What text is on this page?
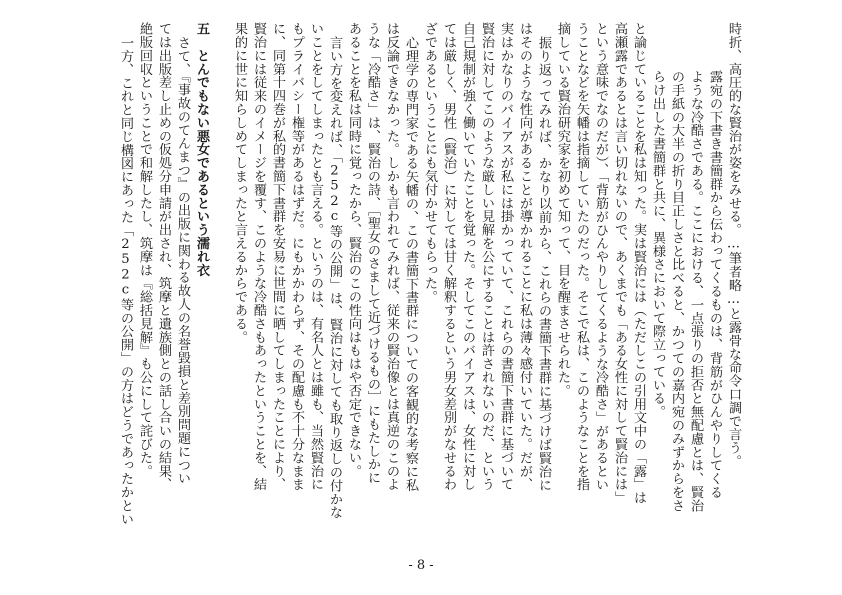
時折、高圧的な賢治が姿をみせる。…筆者略…と露骨な命令口調で言う。
露宛の下書き書簡群から伝わってくるものは、背筋がひんやりしてくる
ような冷酷さである。ここにおける、一点張りの拒否と無配慮とは、賢治
の手紙の大半の折り目正しさと比べると、かつての嘉内宛のみずからをさ
らけ出した書簡群と共に、異様さにおいて際立っている。
と論じていることを私は知った。実は賢治には（ただしこの引用文中の「露」は
高瀬露であるとは言い切れないので、あくまでも「ある女性に対して賢治には」
という意味でなのだが）、「背筋がひんやりしてくるような冷酷さ」があるとい
うことなどを矢幡は指摘していたのだった。そこで私は、このようなことを指
摘している賢治研究家を初めて知って、目を醒まさせられた。
振り返ってみれば、かなり以前から、これらの書簡下書群に基づけば賢治に
はそのような性向があることが導かれることに私は薄々感付いていた。だが、
実はかなりのバイアスが私には掛かっていて、これらの書簡下書群に基づいて
賢治に対してこのような厳しい見解を公にすることは許されないのだ、という
自己規制が強く働いていたことを覚った。そしてこのバイアスは、女性に対し
ては厳しく、男性（賢治）に対しては甘く解釈するという男女差別がなせるわ
ざであるということにも気付かせてもらった。
心理学の専門家である矢幡の、この書簡下書群についての客観的な考察に私
は反論できなかった。しかも言われてみれば、従来の賢治像とは真逆のこのよ
うな「冷酷さ」は、賢治の詩、［聖女のさまして近づけるもの］にもたしかに
あることを私は同時に覚ったから、賢治のこの性向はもはや否定できない。
言い方を変えれば、「252c等の公開」は、賢治に対しても取り返しの付かな
いことをしてしまったとも言える。というのは、有名人とは雖も、当然賢治に
もプライバシー権等があるはずだ。にもかかわらず、その配慮も不十分なまま
に、同第十四巻が私的書簡下書群を安易に世間に晒してしまったことにより、
賢治には従来のイメージを覆す、このような冷酷さもあったということを、結
果的に世に知らしめてしまったと言えるからである。
五　とんでもない悪女であるという濡れ衣
さて、『事故のてんまつ』の出版に関わる故人の名誉毀損と差別問題につい
ては出版差し止めの仮処分申請が出され、筑摩と遺族側との話し合いの結果、
絶版回収ということで和解したし、筑摩は『総括見解』も公にして詫びた。
一方、これと同じ構図にあった「252c等の公開」の方はどうであったかとい
- 8 -
